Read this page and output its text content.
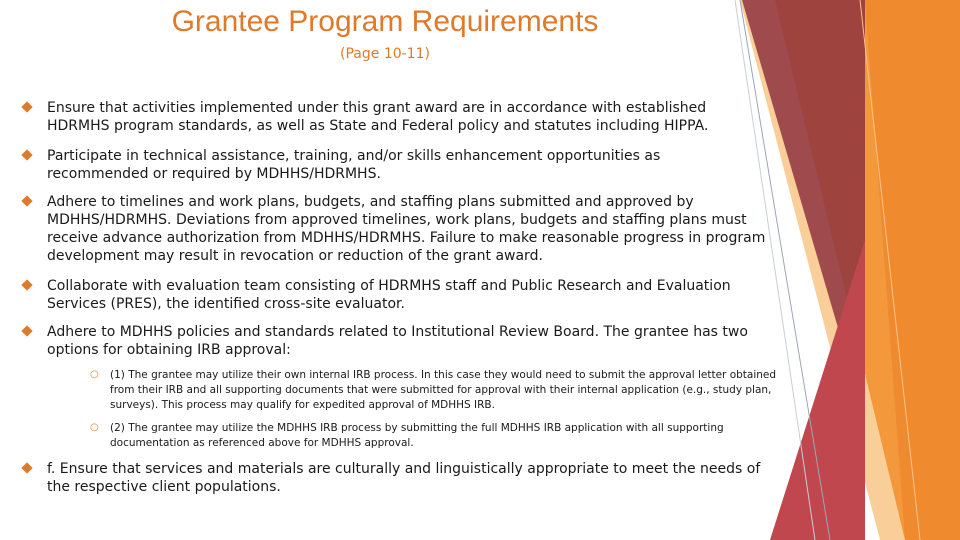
Grantee Program Requirements
(Page 10-11)
Ensure that activities implemented under this grant award are in accordance with established HDRMHS program standards, as well as State and Federal policy and statutes including HIPPA.
Participate in technical assistance, training, and/or skills enhancement opportunities as recommended or required by MDHHS/HDRMHS.
Adhere to timelines and work plans, budgets, and staffing plans submitted and approved by MDHHS/HDRMHS. Deviations from approved timelines, work plans, budgets and staffing plans must receive advance authorization from MDHHS/HDRMHS. Failure to make reasonable progress in program development may result in revocation or reduction of the grant award.
Collaborate with evaluation team consisting of HDRMHS staff and Public Research and Evaluation Services (PRES), the identified cross-site evaluator.
Adhere to MDHHS policies and standards related to Institutional Review Board. The grantee has two options for obtaining IRB approval:
○ (1) The grantee may utilize their own internal IRB process. In this case they would need to submit the approval letter obtained from their IRB and all supporting documents that were submitted for approval with their internal application (e.g., study plan, surveys). This process may qualify for expedited approval of MDHHS IRB.
○ (2) The grantee may utilize the MDHHS IRB process by submitting the full MDHHS IRB application with all supporting documentation as referenced above for MDHHS approval.
f. Ensure that services and materials are culturally and linguistically appropriate to meet the needs of the respective client populations.
